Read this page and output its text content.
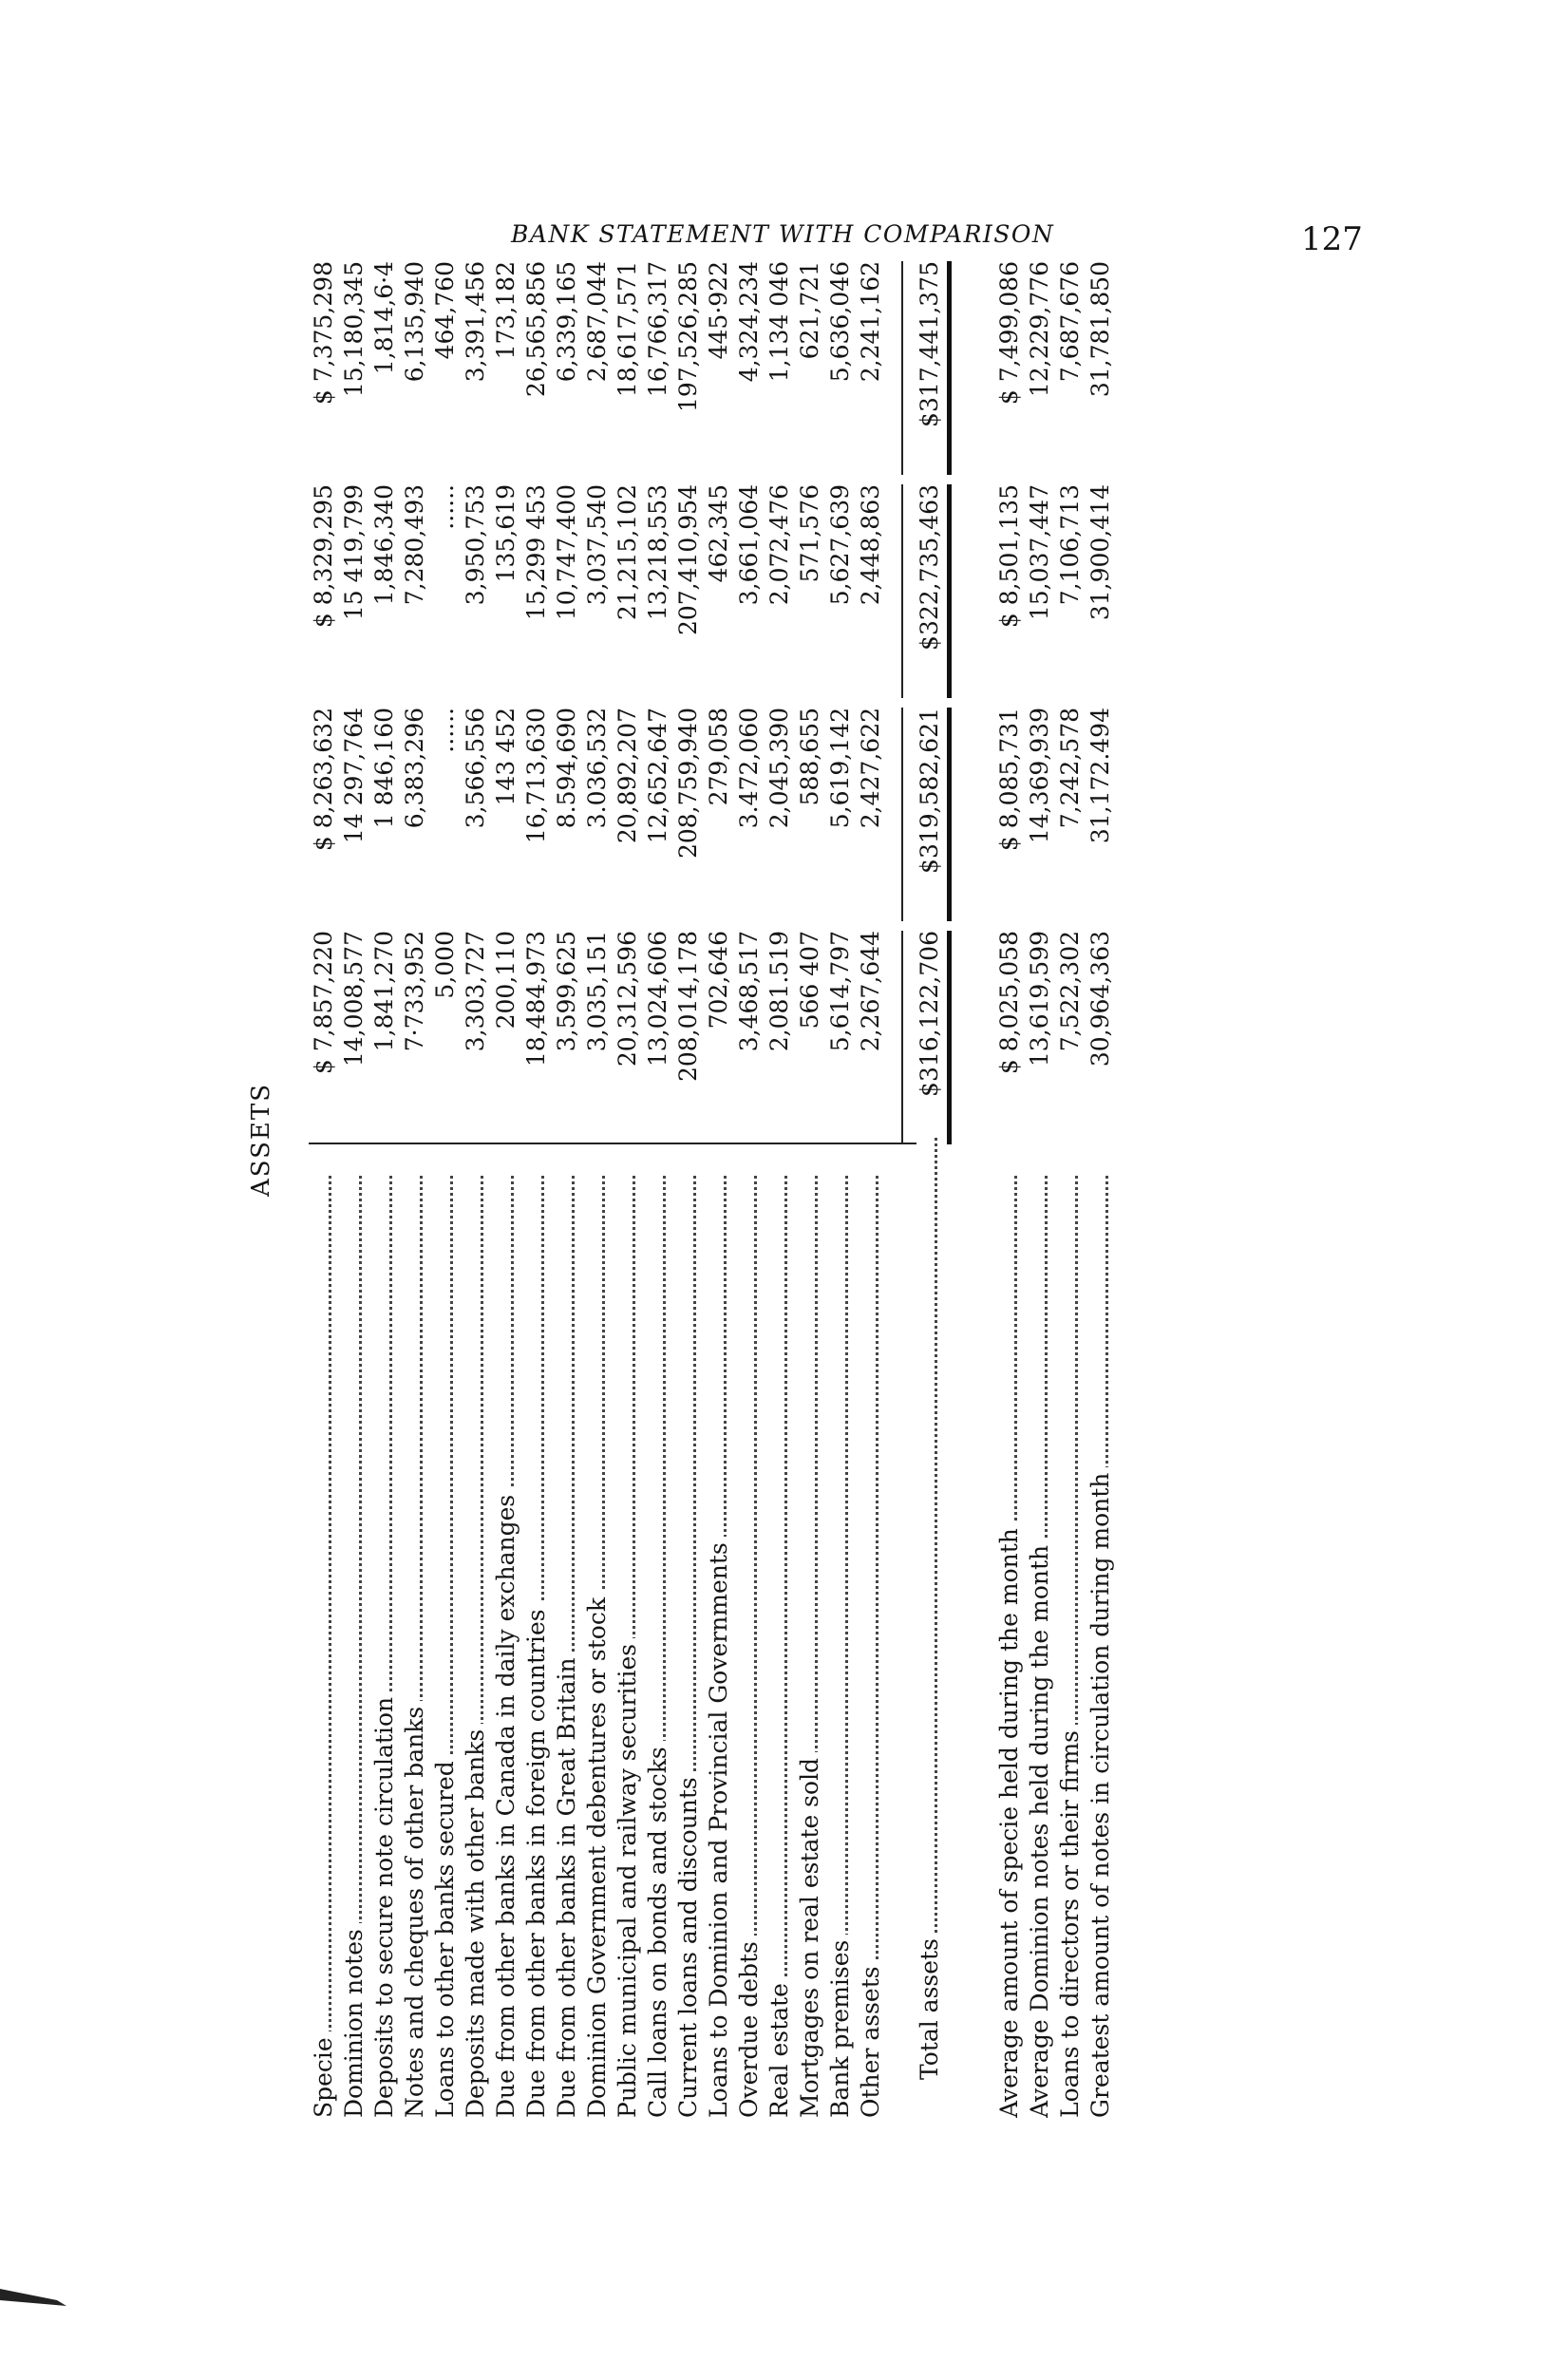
BANK STATEMENT WITH COMPARISON	127
ASSETS
Specie
$ 7,857,220
$ 8,263,632
$ 8,329,295
$ 7,375,298
Dominion notes
14,008,577
14 297,764
15 419,799
15,180,345
Deposits to secure note circulation
1,841,270
1 846,160
1,846,340
1,814,6·4
Notes and cheques of other banks
7·733,952
6,383,296
7,280,493
6,135,940
Loans to other banks secured
5,000
......
......
464,760
Deposits made with other banks
3,303,727
3,566,556
3,950,753
3,391,456
Due from other banks in Canada in daily exchanges
200,110
143 452
135,619
173,182
Due from other banks in foreign countries
18,484,973
16,713,630
15,299 453
26,565,856
Due from other banks in Great Britain
3,599,625
8.594,690
10,747,400
6,339,165
Dominion Government debentures or stock
3,035,151
3.036,532
3,037,540
2,687,044
Public municipal and railway securities
20,312,596
20,892,207
21,215,102
18,617,571
Call loans on bonds and stocks
13,024,606
12,652,647
13,218,553
16,766,317
Current loans and discounts
208,014,178
208,759,940
207,410,954
197,526,285
Loans to Dominion and Provincial Governments
702,646
279,058
462,345
445·922
Overdue debts
3,468,517
3.472,060
3,661,064
4,324,234
Real estate
2,081.519
2,045,390
2,072,476
1,134 046
Mortgages on real estate sold
566 407
588,655
571,576
621,721
Bank premises
5,614,797
5,619,142
5,627,639
5,636,046
Other assets
2,267,644
2,427,622
2,448,863
2,241,162
Total assets
$316,122,706
$319,582,621
$322,735,463
$317,441,375
Average amount of specie held during the month
$ 8,025,058
$ 8,085,731
$ 8,501,135
$ 7,499,086
Average Dominion notes held during the month
13,619,599
14,369,939
15,037,447
12,229,776
Loans to directors or their firms
7,522,302
7,242,578
7,106,713
7,687,676
Greatest amount of notes in circulation during month
30,964,363
31,172.494
31,900,414
31,781,850
